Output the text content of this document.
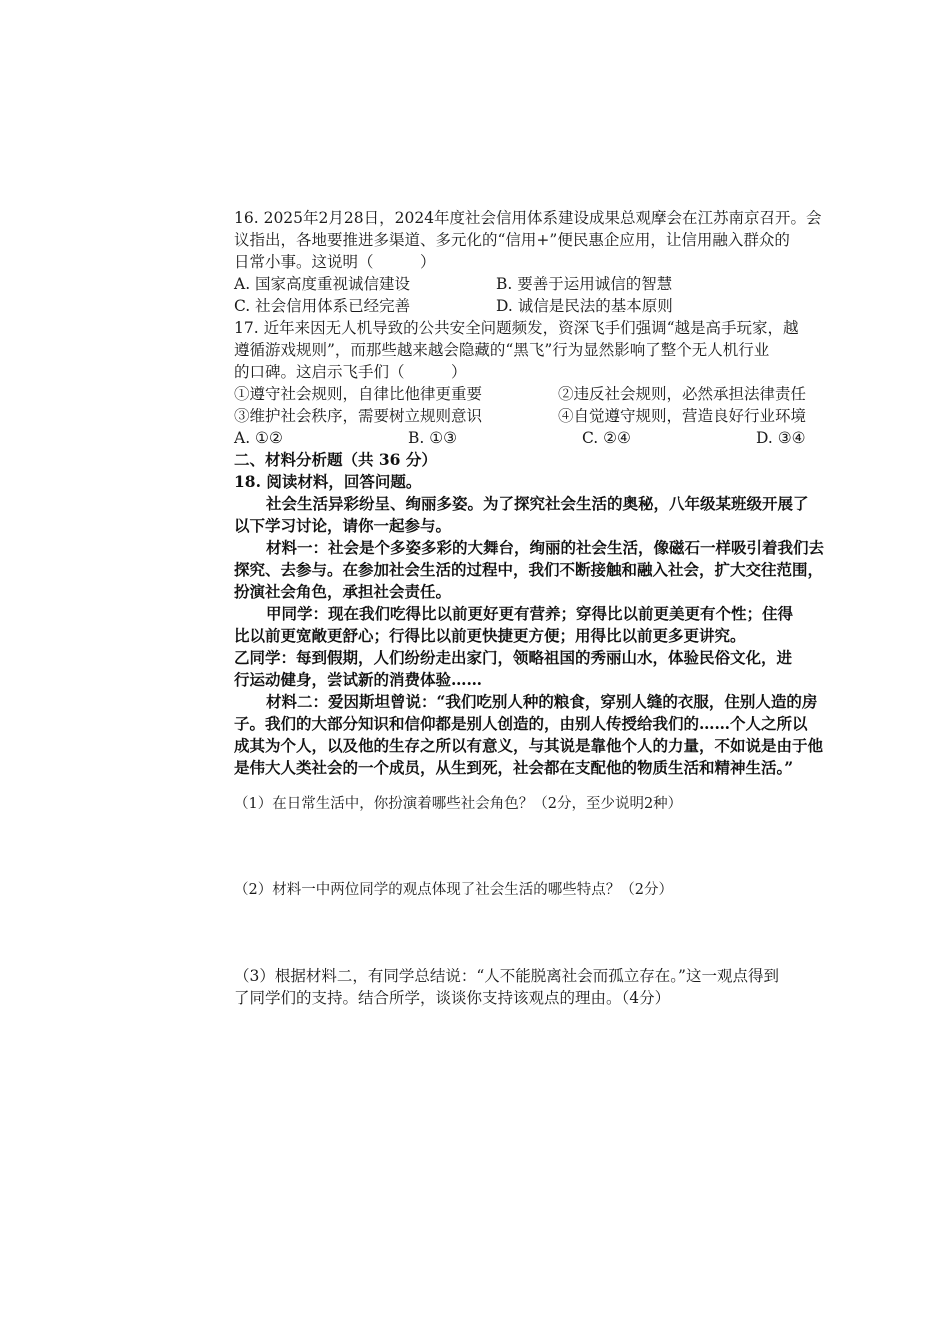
16. 2025年2月28日，2024年度社会信用体系建设成果总观摩会在江苏南京召开。会
议指出，各地要推进多渠道、多元化的“信用+”便民惠企应用，让信用融入群众的
日常小事。这说明（　　　）
A. 国家高度重视诚信建设	B. 要善于运用诚信的智慧
C. 社会信用体系已经完善	D. 诚信是民法的基本原则
17. 近年来因无人机导致的公共安全问题频发，资深飞手们强调“越是高手玩家，越
遵循游戏规则”，而那些越来越会隐藏的“黑飞”行为显然影响了整个无人机行业
的口碑。这启示飞手们（　　　）
①遵守社会规则，自律比他律更重要	②违反社会规则，必然承担法律责任
③维护社会秩序，需要树立规则意识	④自觉遵守规则，营造良好行业环境
A. ①②	B. ①③	C. ②④	D. ③④
二、材料分析题（共 36 分）
18. 阅读材料，回答问题。
社会生活异彩纷呈、绚丽多姿。为了探究社会生活的奥秘，八年级某班级开展了
以下学习讨论，请你一起参与。
材料一：社会是个多姿多彩的大舞台，绚丽的社会生活，像磁石一样吸引着我们去
探究、去参与。在参加社会生活的过程中，我们不断接触和融入社会，扩大交往范围，
扮演社会角色，承担社会责任。
甲同学：现在我们吃得比以前更好更有营养；穿得比以前更美更有个性；住得
比以前更宽敞更舒心；行得比以前更快捷更方便；用得比以前更多更讲究。
乙同学：每到假期，人们纷纷走出家门，领略祖国的秀丽山水，体验民俗文化，进
行运动健身，尝试新的消费体验……
材料二：爱因斯坦曾说：“我们吃别人种的粮食，穿别人缝的衣服，住别人造的房
子。我们的大部分知识和信仰都是别人创造的，由别人传授给我们的……个人之所以
成其为个人，以及他的生存之所以有意义，与其说是靠他个人的力量，不如说是由于他
是伟大人类社会的一个成员，从生到死，社会都在支配他的物质生活和精神生活。”
（1）在日常生活中，你扮演着哪些社会角色？（2分，至少说明2种）
（2）材料一中两位同学的观点体现了社会生活的哪些特点？（2分）
（3）根据材料二，有同学总结说：“人不能脱离社会而孤立存在。”这一观点得到
了同学们的支持。结合所学，谈谈你支持该观点的理由。（4分）
